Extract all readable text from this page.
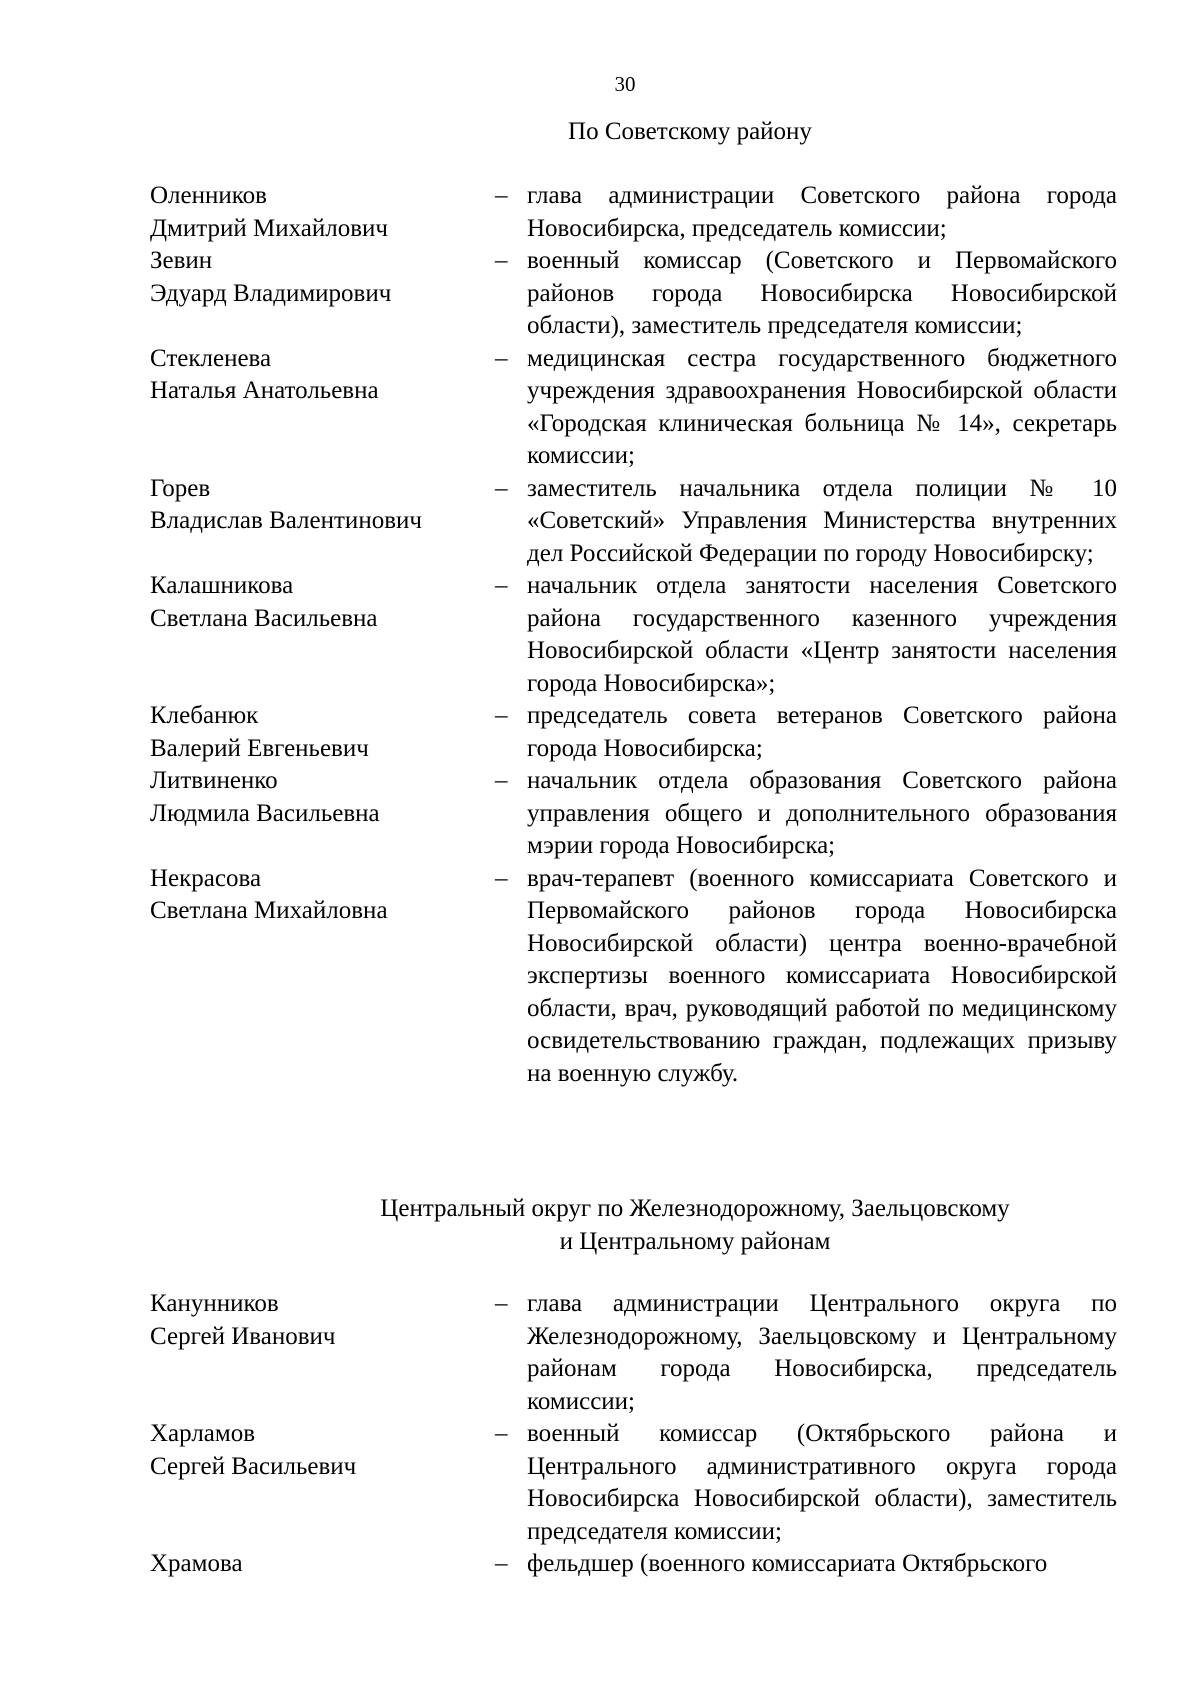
30
По Советскому району
Оленников
Дмитрий Михайлович
– глава администрации Советского района города Новосибирска, председатель комиссии;
Зевин
Эдуард Владимирович
– военный комиссар (Советского и Первомайского районов города Новосибирска Новосибирской области), заместитель председателя комиссии;
Стекленева
Наталья Анатольевна
– медицинская сестра государственного бюджетного учреждения здравоохранения Новосибирской области «Городская клиническая больница № 14», секретарь комиссии;
Горев
Владислав Валентинович
– заместитель начальника отдела полиции № 10 «Советский» Управления Министерства внутренних дел Российской Федерации по городу Новосибирску;
Калашникова
Светлана Васильевна
– начальник отдела занятости населения Советского района государственного казенного учреждения Новосибирской области «Центр занятости населения города Новосибирска»;
Клебанюк
Валерий Евгеньевич
– председатель совета ветеранов Советского района города Новосибирска;
Литвиненко
Людмила Васильевна
– начальник отдела образования Советского района управления общего и дополнительного образования мэрии города Новосибирска;
Некрасова
Светлана Михайловна
– врач-терапевт (военного комиссариата Советского и Первомайского районов города Новосибирска Новосибирской области) центра военно-врачебной экспертизы военного комиссариата Новосибирской области, врач, руководящий работой по медицинскому освидетельствованию граждан, подлежащих призыву на военную службу.
Центральный округ по Железнодорожному, Заельцовскому
и Центральному районам
Канунников
Сергей Иванович
– глава администрации Центрального округа по Железнодорожному, Заельцовскому и Центральному районам города Новосибирска, председатель комиссии;
Харламов
Сергей Васильевич
– военный комиссар (Октябрьского района и Центрального административного округа города Новосибирска Новосибирской области), заместитель председателя комиссии;
Храмова	– фельдшер (военного комиссариата Октябрьского
